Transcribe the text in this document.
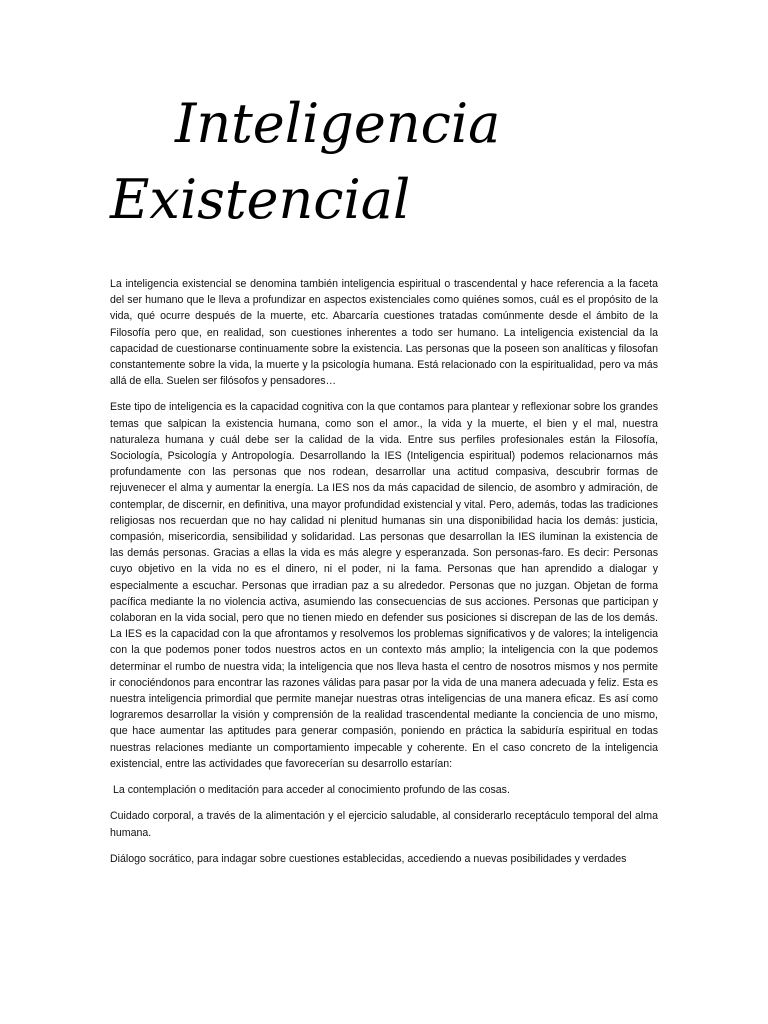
Inteligencia
Existencial

La inteligencia existencial se denomina también inteligencia espiritual o trascendental y hace referencia a la faceta del ser humano que le lleva a profundizar en aspectos existenciales como quiénes somos, cuál es el propósito de la vida, qué ocurre después de la muerte, etc. Abarcaría cuestiones tratadas comúnmente desde el ámbito de la Filosofía pero que, en realidad, son cuestiones inherentes a todo ser humano. La inteligencia existencial da la capacidad de cuestionarse continuamente sobre la existencia. Las personas que la poseen son analíticas y filosofan constantemente sobre la vida, la muerte y la psicología humana. Está relacionado con la espiritualidad, pero va más allá de ella. Suelen ser filósofos y pensadores…

Este tipo de inteligencia es la capacidad cognitiva con la que contamos para plantear y reflexionar sobre los grandes temas que salpican la existencia humana, como son el amor., la vida y la muerte, el bien y el mal, nuestra naturaleza humana y cuál debe ser la calidad de la vida. Entre sus perfiles profesionales están la Filosofía, Sociología, Psicología y Antropología. Desarrollando la IES (Inteligencia espiritual) podemos relacionarnos más profundamente con las personas que nos rodean, desarrollar una actitud compasiva, descubrir formas de rejuvenecer el alma y aumentar la energía. La IES nos da más capacidad de silencio, de asombro y admiración, de contemplar, de discernir, en definitiva, una mayor profundidad existencial y vital. Pero, además, todas las tradiciones religiosas nos recuerdan que no hay calidad ni plenitud humanas sin una disponibilidad hacia los demás: justicia, compasión, misericordia, sensibilidad y solidaridad. Las personas que desarrollan la IES iluminan la existencia de las demás personas. Gracias a ellas la vida es más alegre y esperanzada. Son personas-faro. Es decir: Personas cuyo objetivo en la vida no es el dinero, ni el poder, ni la fama. Personas que han aprendido a dialogar y especialmente a escuchar. Personas que irradian paz a su alrededor. Personas que no juzgan. Objetan de forma pacífica mediante la no violencia activa, asumiendo las consecuencias de sus acciones. Personas que participan y colaboran en la vida social, pero que no tienen miedo en defender sus posiciones si discrepan de las de los demás. La IES es la capacidad con la que afrontamos y resolvemos los problemas significativos y de valores; la inteligencia con la que podemos poner todos nuestros actos en un contexto más amplio; la inteligencia con la que podemos determinar el rumbo de nuestra vida; la inteligencia que nos lleva hasta el centro de nosotros mismos y nos permite ir conociéndonos para encontrar las razones válidas para pasar por la vida de una manera adecuada y feliz. Esta es nuestra inteligencia primordial que permite manejar nuestras otras inteligencias de una manera eficaz. Es así como lograremos desarrollar la visión y comprensión de la realidad trascendental mediante la conciencia de uno mismo, que hace aumentar las aptitudes para generar compasión, poniendo en práctica la sabiduría espiritual en todas nuestras relaciones mediante un comportamiento impecable y coherente. En el caso concreto de la inteligencia existencial, entre las actividades que favorecerían su desarrollo estarían:

La contemplación o meditación para acceder al conocimiento profundo de las cosas.

Cuidado corporal, a través de la alimentación y el ejercicio saludable, al considerarlo receptáculo temporal del alma humana.

Diálogo socrático, para indagar sobre cuestiones establecidas, accediendo a nuevas posibilidades y verdades
